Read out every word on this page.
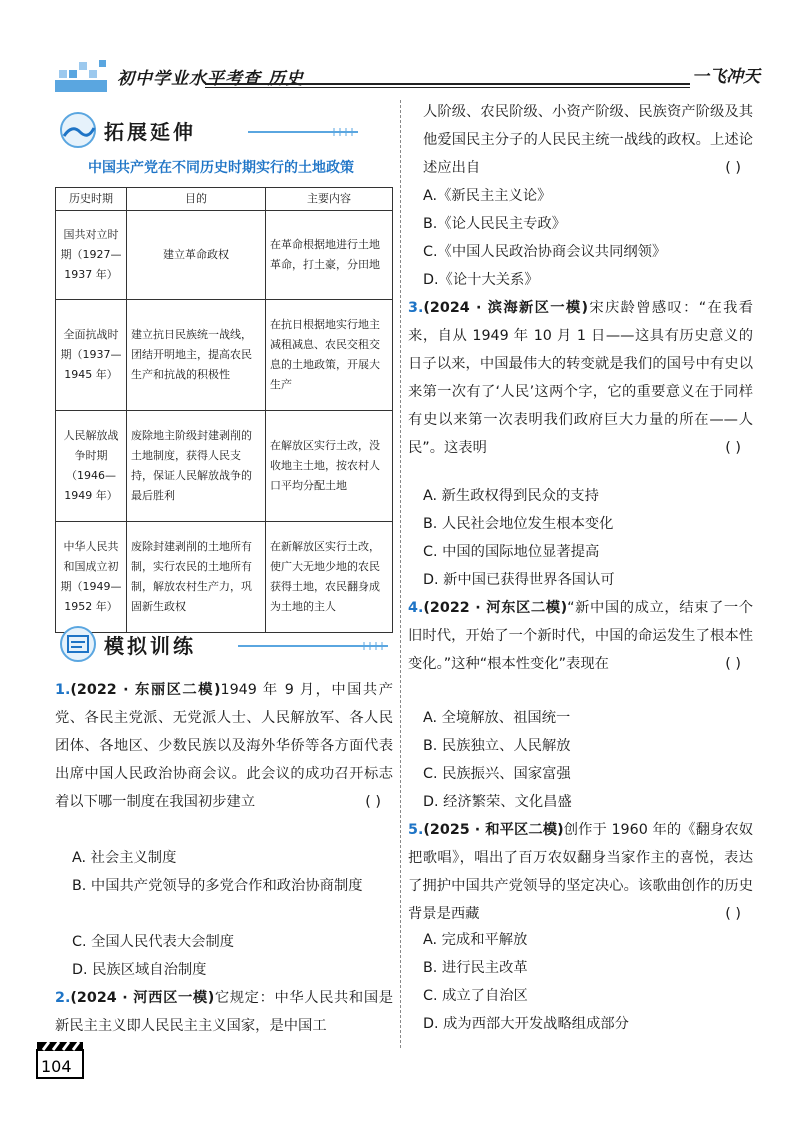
初中学业水平考查 历史	一飞冲天
拓展延伸
中国共产党在不同历史时期实行的土地政策
历史时期	目的	主要内容
国共对立时期（1927—1937 年）	建立革命政权	在革命根据地进行土地革命，打土豪，分田地
全面抗战时期（1937—1945 年）	建立抗日民族统一战线，团结开明地主，提高农民生产和抗战的积极性	在抗日根据地实行地主减租减息、农民交租交息的土地政策，开展大生产
人民解放战争时期（1946—1949 年）	废除地主阶级封建剥削的土地制度，获得人民支持，保证人民解放战争的最后胜利	在解放区实行土改，没收地主土地，按农村人口平均分配土地
中华人民共和国成立初期（1949—1952 年）	废除封建剥削的土地所有制，实行农民的土地所有制，解放农村生产力，巩固新生政权	在新解放区实行土改，使广大无地少地的农民获得土地，农民翻身成为土地的主人
模拟训练
1.(2022 · 东丽区二模)1949 年 9 月，中国共产党、各民主党派、无党派人士、人民解放军、各人民团体、各地区、少数民族以及海外华侨等各方面代表出席中国人民政治协商会议。此会议的成功召开标志着以下哪一制度在我国初步建立	( )
A. 社会主义制度
B. 中国共产党领导的多党合作和政治协商制度
C. 全国人民代表大会制度
D. 民族区域自治制度
2.(2024 · 河西区一模)它规定：中华人民共和国是新民主主义即人民民主主义国家，是中国工
人阶级、农民阶级、小资产阶级、民族资产阶级及其他爱国民主分子的人民民主统一战线的政权。上述论述应出自	( )
A.《新民主主义论》
B.《论人民民主专政》
C.《中国人民政治协商会议共同纲领》
D.《论十大关系》
3.(2024 · 滨海新区一模)宋庆龄曾感叹：“在我看来，自从 1949 年 10 月 1 日——这具有历史意义的日子以来，中国最伟大的转变就是我们的国号中有史以来第一次有了‘人民’这两个字，它的重要意义在于同样有史以来第一次表明我们政府巨大力量的所在——人民”。这表明	( )
A. 新生政权得到民众的支持
B. 人民社会地位发生根本变化
C. 中国的国际地位显著提高
D. 新中国已获得世界各国认可
4.(2022 · 河东区二模)“新中国的成立，结束了一个旧时代，开始了一个新时代，中国的命运发生了根本性变化。”这种“根本性变化”表现在	( )
A. 全境解放、祖国统一
B. 民族独立、人民解放
C. 民族振兴、国家富强
D. 经济繁荣、文化昌盛
5.(2025 · 和平区二模)创作于 1960 年的《翻身农奴把歌唱》，唱出了百万农奴翻身当家作主的喜悦，表达了拥护中国共产党领导的坚定决心。该歌曲创作的历史背景是西藏	( )
A. 完成和平解放
B. 进行民主改革
C. 成立了自治区
D. 成为西部大开发战略组成部分
104
